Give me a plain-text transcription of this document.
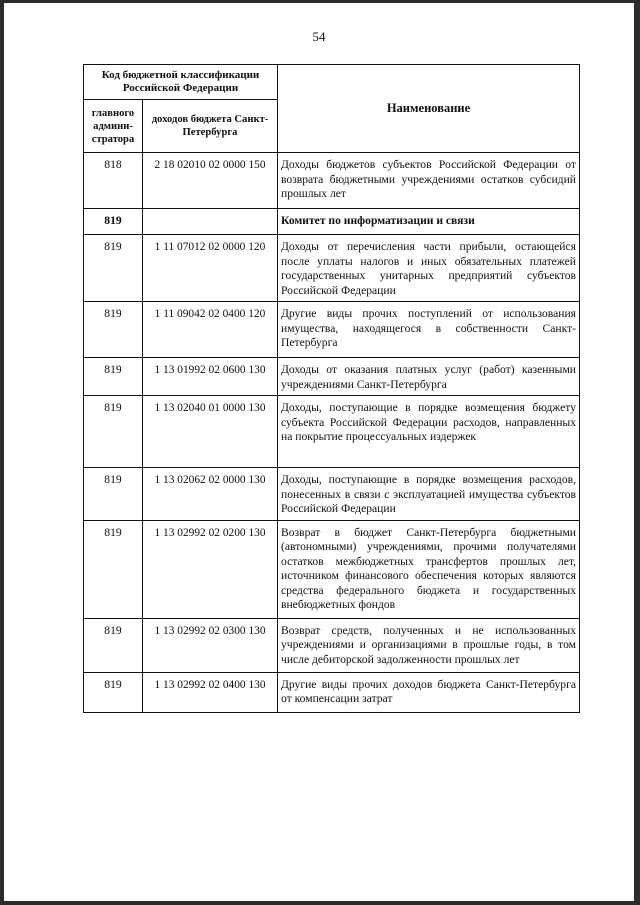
54
Код бюджетной классификации Российской Федерации		Наименование
главного админи-стратора	доходов бюджета Санкт-Петербурга	
818	2 18 02010 02 0000 150	Доходы бюджетов субъектов Российской Федерации от возврата бюджетными учреждениями остатков субсидий прошлых лет
819		Комитет по информатизации и связи
819	1 11 07012 02 0000 120	Доходы от перечисления части прибыли, остающейся после уплаты налогов и иных обязательных платежей государственных унитарных предприятий субъектов Российской Федерации
819	1 11 09042 02 0400 120	Другие виды прочих поступлений от использования имущества, находящегося в собственности Санкт-Петербурга
819	1 13 01992 02 0600 130	Доходы от оказания платных услуг (работ) казенными учреждениями Санкт-Петербурга
819	1 13 02040 01 0000 130	Доходы, поступающие в порядке возмещения бюджету субъекта Российской Федерации расходов, направленных на покрытие процессуальных издержек
819	1 13 02062 02 0000 130	Доходы, поступающие в порядке возмещения расходов, понесенных в связи с эксплуатацией имущества субъектов Российской Федерации
819	1 13 02992 02 0200 130	Возврат в бюджет Санкт-Петербурга бюджетными (автономными) учреждениями, прочими получателями остатков межбюджетных трансфертов прошлых лет, источником финансового обеспечения которых являются средства федерального бюджета и государственных внебюджетных фондов
819	1 13 02992 02 0300 130	Возврат средств, полученных и не использованных учреждениями и организациями в прошлые годы, в том числе дебиторской задолженности прошлых лет
819	1 13 02992 02 0400 130	Другие виды прочих доходов бюджета Санкт-Петербурга от компенсации затрат
